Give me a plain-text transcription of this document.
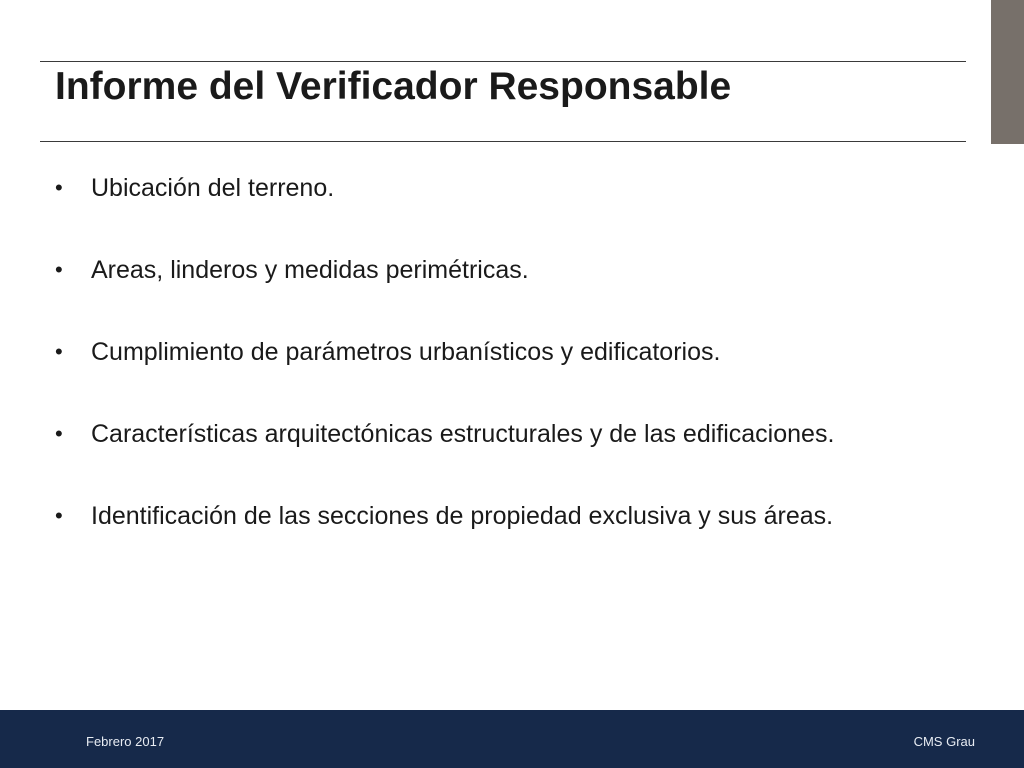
Informe del Verificador Responsable
•	Ubicación del terreno.
•	Areas, linderos y medidas perimétricas.
•	Cumplimiento de parámetros urbanísticos y edificatorios.
•	Características arquitectónicas estructurales y de las edificaciones.
•	Identificación de las secciones de propiedad exclusiva y sus áreas.
Febrero 2017	CMS Grau
